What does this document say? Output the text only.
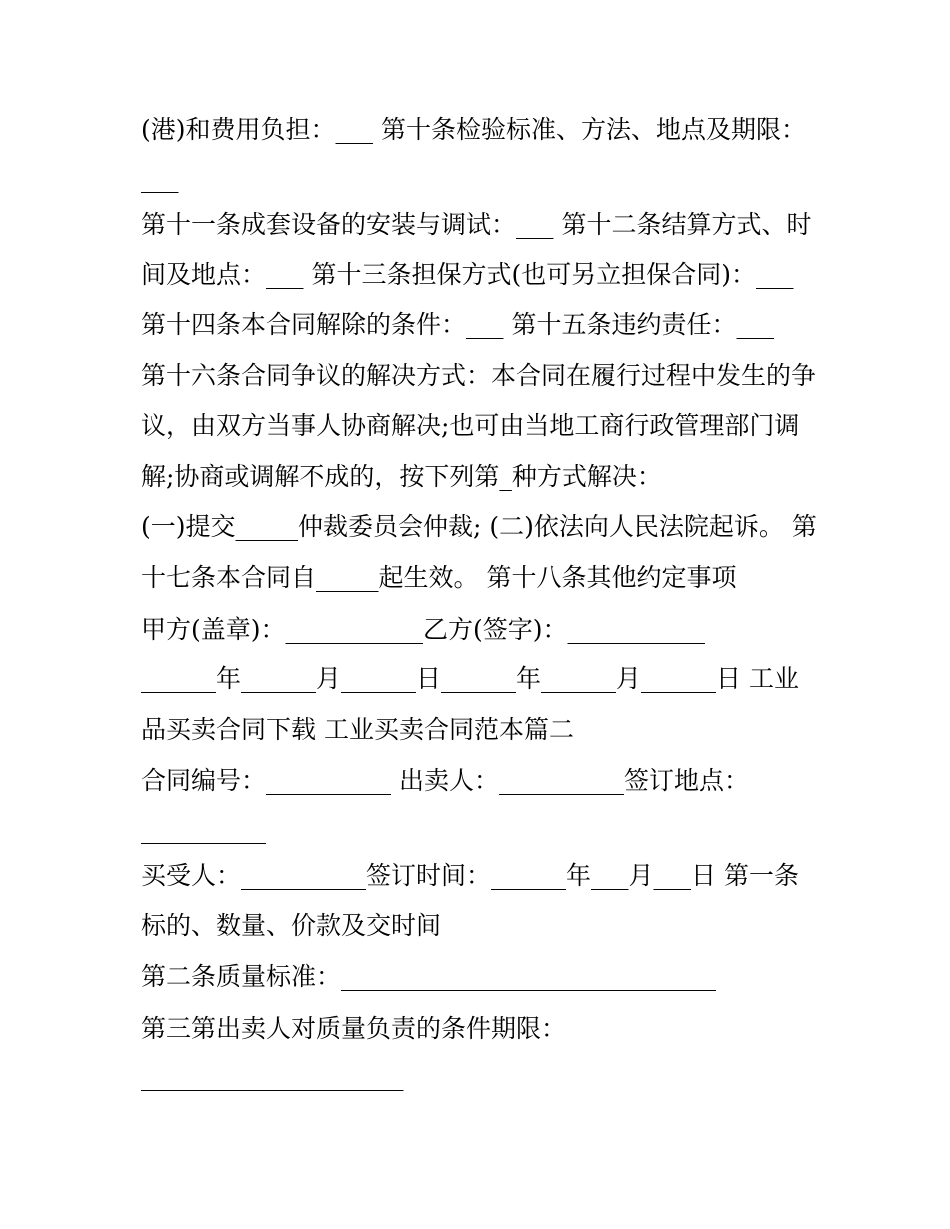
(港)和费用负担：___ 第十条检验标准、方法、地点及期限：
___
第十一条成套设备的安装与调试：___ 第十二条结算方式、时
间及地点：___ 第十三条担保方式(也可另立担保合同)：___
第十四条本合同解除的条件：___ 第十五条违约责任：___
第十六条合同争议的解决方式：本合同在履行过程中发生的争
议，由双方当事人协商解决;也可由当地工商行政管理部门调
解;协商或调解不成的，按下列第_种方式解决：
(一)提交_____仲裁委员会仲裁; (二)依法向人民法院起诉。 第
十七条本合同自_____起生效。 第十八条其他约定事项
甲方(盖章)：___________乙方(签字)：___________
______年______月______日______年______月______日 工业
品买卖合同下载 工业买卖合同范本篇二
合同编号：__________ 出卖人：__________签订地点：
__________
买受人：__________签订时间：______年___月___日 第一条
标的、数量、价款及交时间
第二条质量标准：______________________________
第三第出卖人对质量负责的条件期限：
_____________________
